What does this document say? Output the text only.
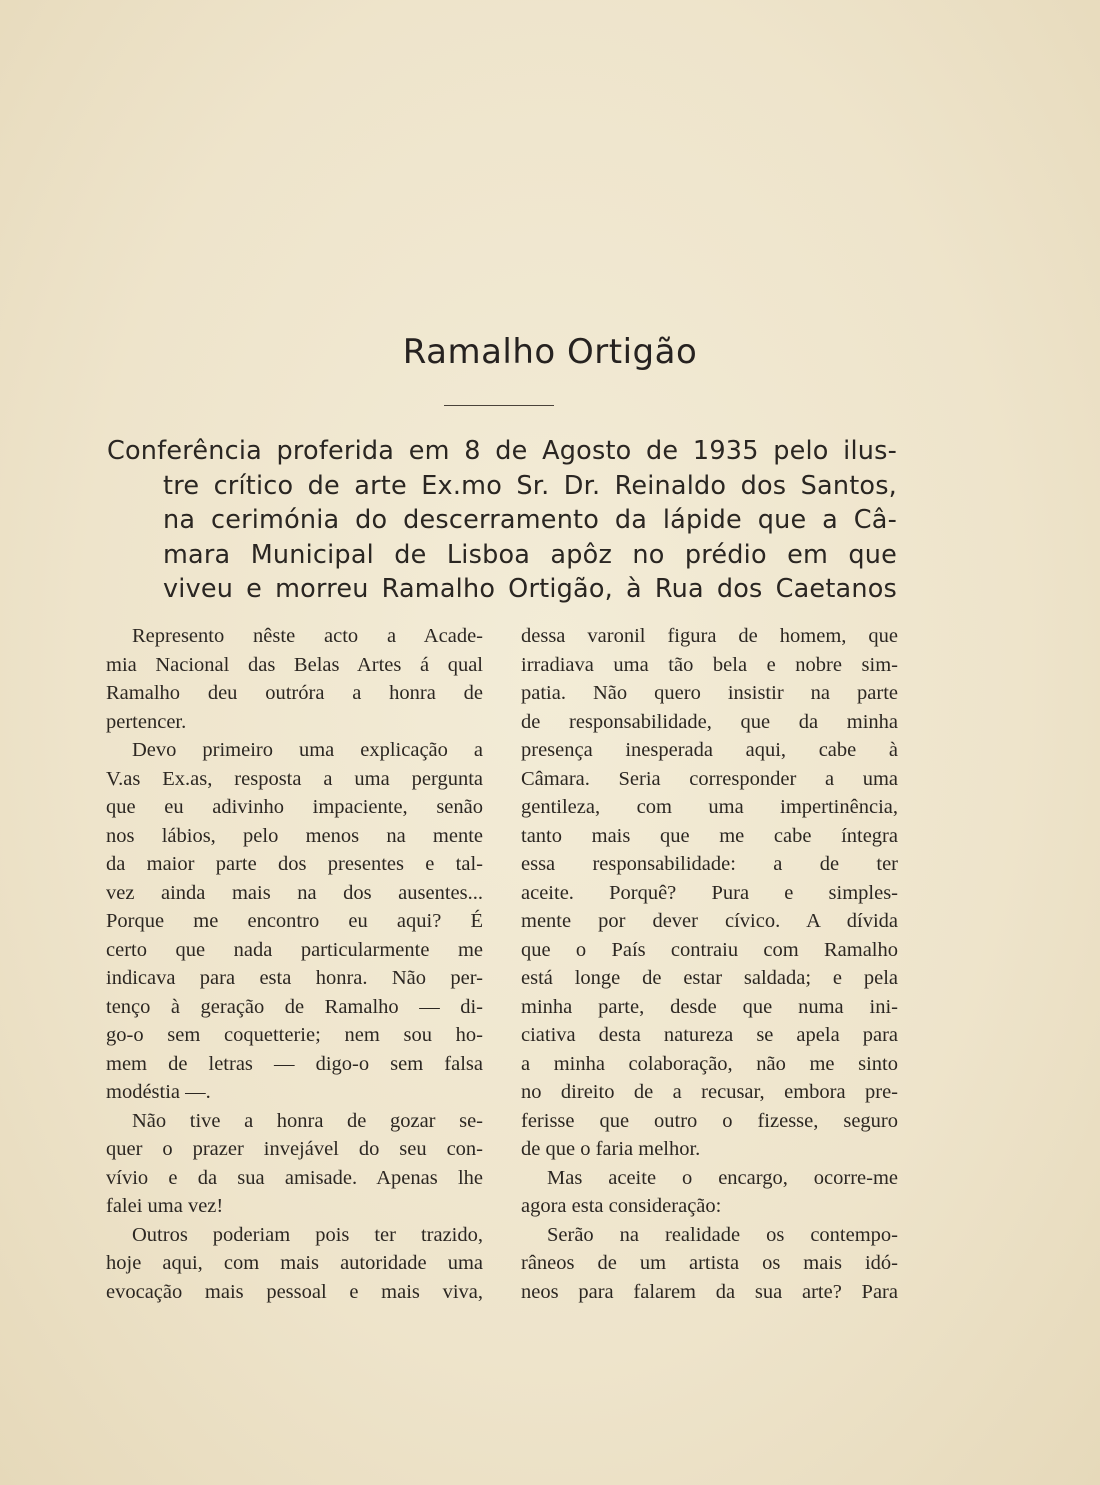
Ramalho Ortigão
Conferência proferida em 8 de Agosto de 1935 pelo ilus-
tre crítico de arte Ex.mo Sr. Dr. Reinaldo dos Santos,
na cerimónia do descerramento da lápide que a Câ-
mara Municipal de Lisboa apôz no prédio em que
viveu e morreu Ramalho Ortigão, à Rua dos Caetanos
Represento nêste acto a Acade-
mia Nacional das Belas Artes á qual
Ramalho deu outróra a honra de
pertencer.
Devo primeiro uma explicação a
V.as Ex.as, resposta a uma pergunta
que eu adivinho impaciente, senão
nos lábios, pelo menos na mente
da maior parte dos presentes e tal-
vez ainda mais na dos ausentes...
Porque me encontro eu aqui? É
certo que nada particularmente me
indicava para esta honra. Não per-
tenço à geração de Ramalho — di-
go-o sem coquetterie; nem sou ho-
mem de letras — digo-o sem falsa
modéstia —.
Não tive a honra de gozar se-
quer o prazer invejável do seu con-
vívio e da sua amisade. Apenas lhe
falei uma vez!
Outros poderiam pois ter trazido,
hoje aqui, com mais autoridade uma
evocação mais pessoal e mais viva,
dessa varonil figura de homem, que
irradiava uma tão bela e nobre sim-
patia. Não quero insistir na parte
de responsabilidade, que da minha
presença inesperada aqui, cabe à
Câmara. Seria corresponder a uma
gentileza, com uma impertinência,
tanto mais que me cabe íntegra
essa responsabilidade: a de ter
aceite. Porquê? Pura e simples-
mente por dever cívico. A dívida
que o País contraiu com Ramalho
está longe de estar saldada; e pela
minha parte, desde que numa ini-
ciativa desta natureza se apela para
a minha colaboração, não me sinto
no direito de a recusar, embora pre-
ferisse que outro o fizesse, seguro
de que o faria melhor.
Mas aceite o encargo, ocorre-me
agora esta consideração:
Serão na realidade os contempo-
râneos de um artista os mais idó-
neos para falarem da sua arte? Para
